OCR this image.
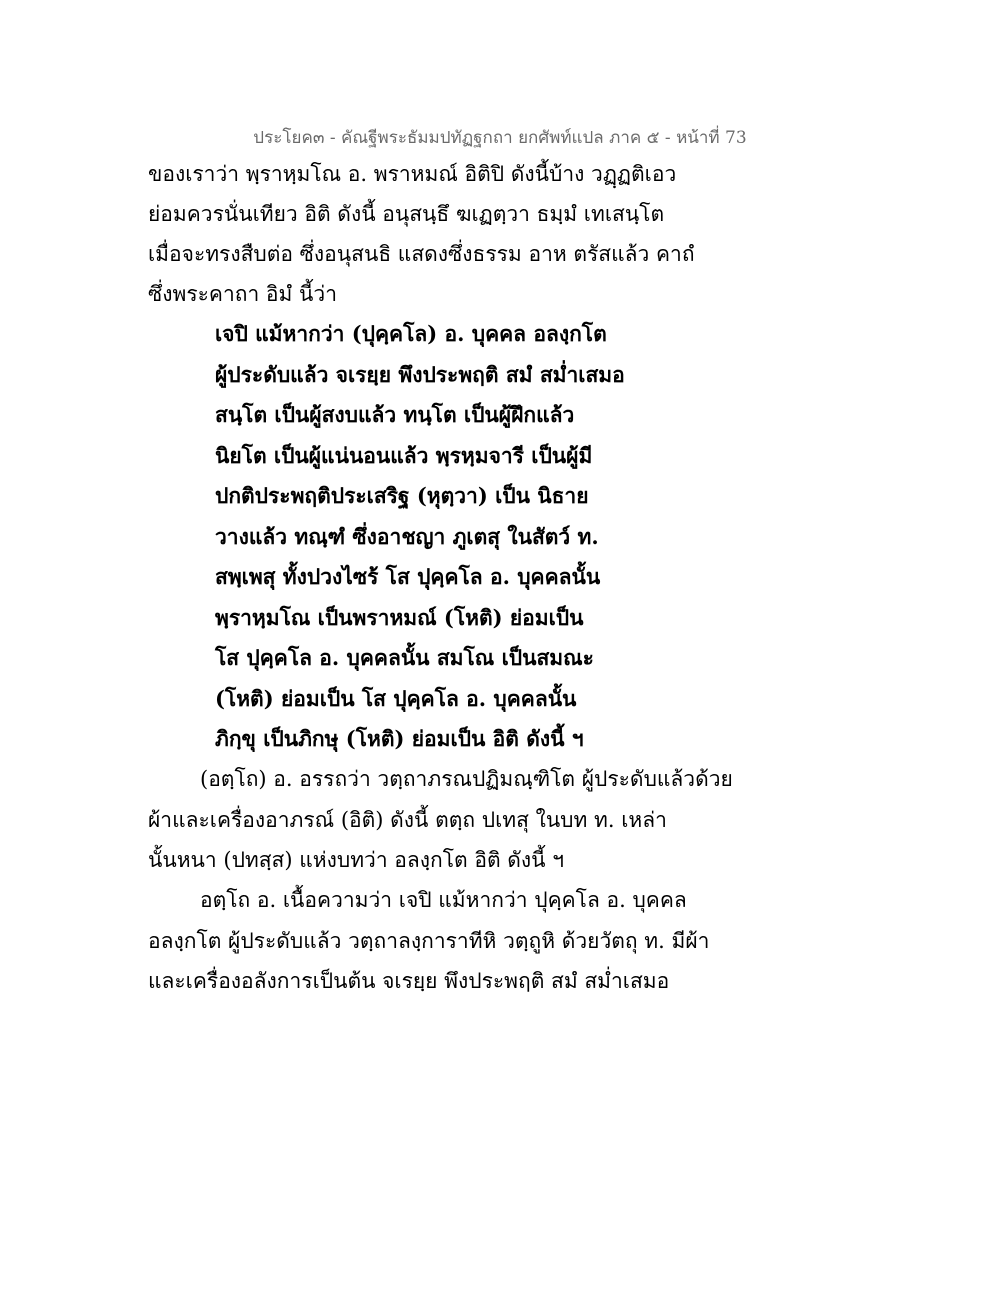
ประโยค๓ - คัณฐีพระธัมมปทัฏฐกถา ยกศัพท์แปล ภาค ๕ - หน้าที่ 73
ของเราว่า พฺราหฺมโณ อ. พราหมณ์ อิติปิ ดังนี้บ้าง วฏฺฏติเอว
ย่อมควรนั่นเทียว อิติ ดังนี้ อนุสนฺธึ ฆเฏตฺวา ธมฺมํ เทเสนฺโต
เมื่อจะทรงสืบต่อ ซึ่งอนุสนธิ แสดงซึ่งธรรม อาห ตรัสแล้ว คาถํ
ซึ่งพระคาถา อิมํ นี้ว่า
เจปิ แม้หากว่า (ปุคฺคโล) อ. บุคคล อลงฺกโต
ผู้ประดับแล้ว จเรยฺย พึงประพฤติ สมํ สม่ำเสมอ
สนฺโต เป็นผู้สงบแล้ว ทนฺโต เป็นผู้ฝึกแล้ว
นิยโต เป็นผู้แน่นอนแล้ว พฺรหฺมจารี เป็นผู้มี
ปกติประพฤติประเสริฐ (หุตฺวา) เป็น นิธาย
วางแล้ว ทณฺฑํ ซึ่งอาชญา ภูเตสุ ในสัตว์ ท.
สพฺเพสุ ทั้งปวงไซร้ โส ปุคฺคโล อ. บุคคลนั้น
พฺราหฺมโณ เป็นพราหมณ์ (โหติ) ย่อมเป็น
โส ปุคฺคโล อ. บุคคลนั้น สมโณ เป็นสมณะ
(โหติ) ย่อมเป็น โส ปุคฺคโล อ. บุคคลนั้น
ภิกฺขุ เป็นภิกษุ (โหติ) ย่อมเป็น อิติ ดังนี้ ฯ
(อตฺโถ) อ. อรรถว่า วตฺถาภรณปฏิมณฺฑิโต ผู้ประดับแล้วด้วย
ผ้าและเครื่องอาภรณ์ (อิติ) ดังนี้ ตตฺถ ปเทสุ ในบท ท. เหล่า
นั้นหนา (ปทสฺส) แห่งบทว่า อลงฺกโต อิติ ดังนี้ ฯ
อตฺโถ อ. เนื้อความว่า เจปิ แม้หากว่า ปุคฺคโล อ. บุคคล
อลงฺกโต ผู้ประดับแล้ว วตฺถาลงฺการาทีหิ วตฺถูหิ ด้วยวัตถุ ท. มีผ้า
และเครื่องอลังการเป็นต้น จเรยฺย พึงประพฤติ สมํ สม่ำเสมอ
